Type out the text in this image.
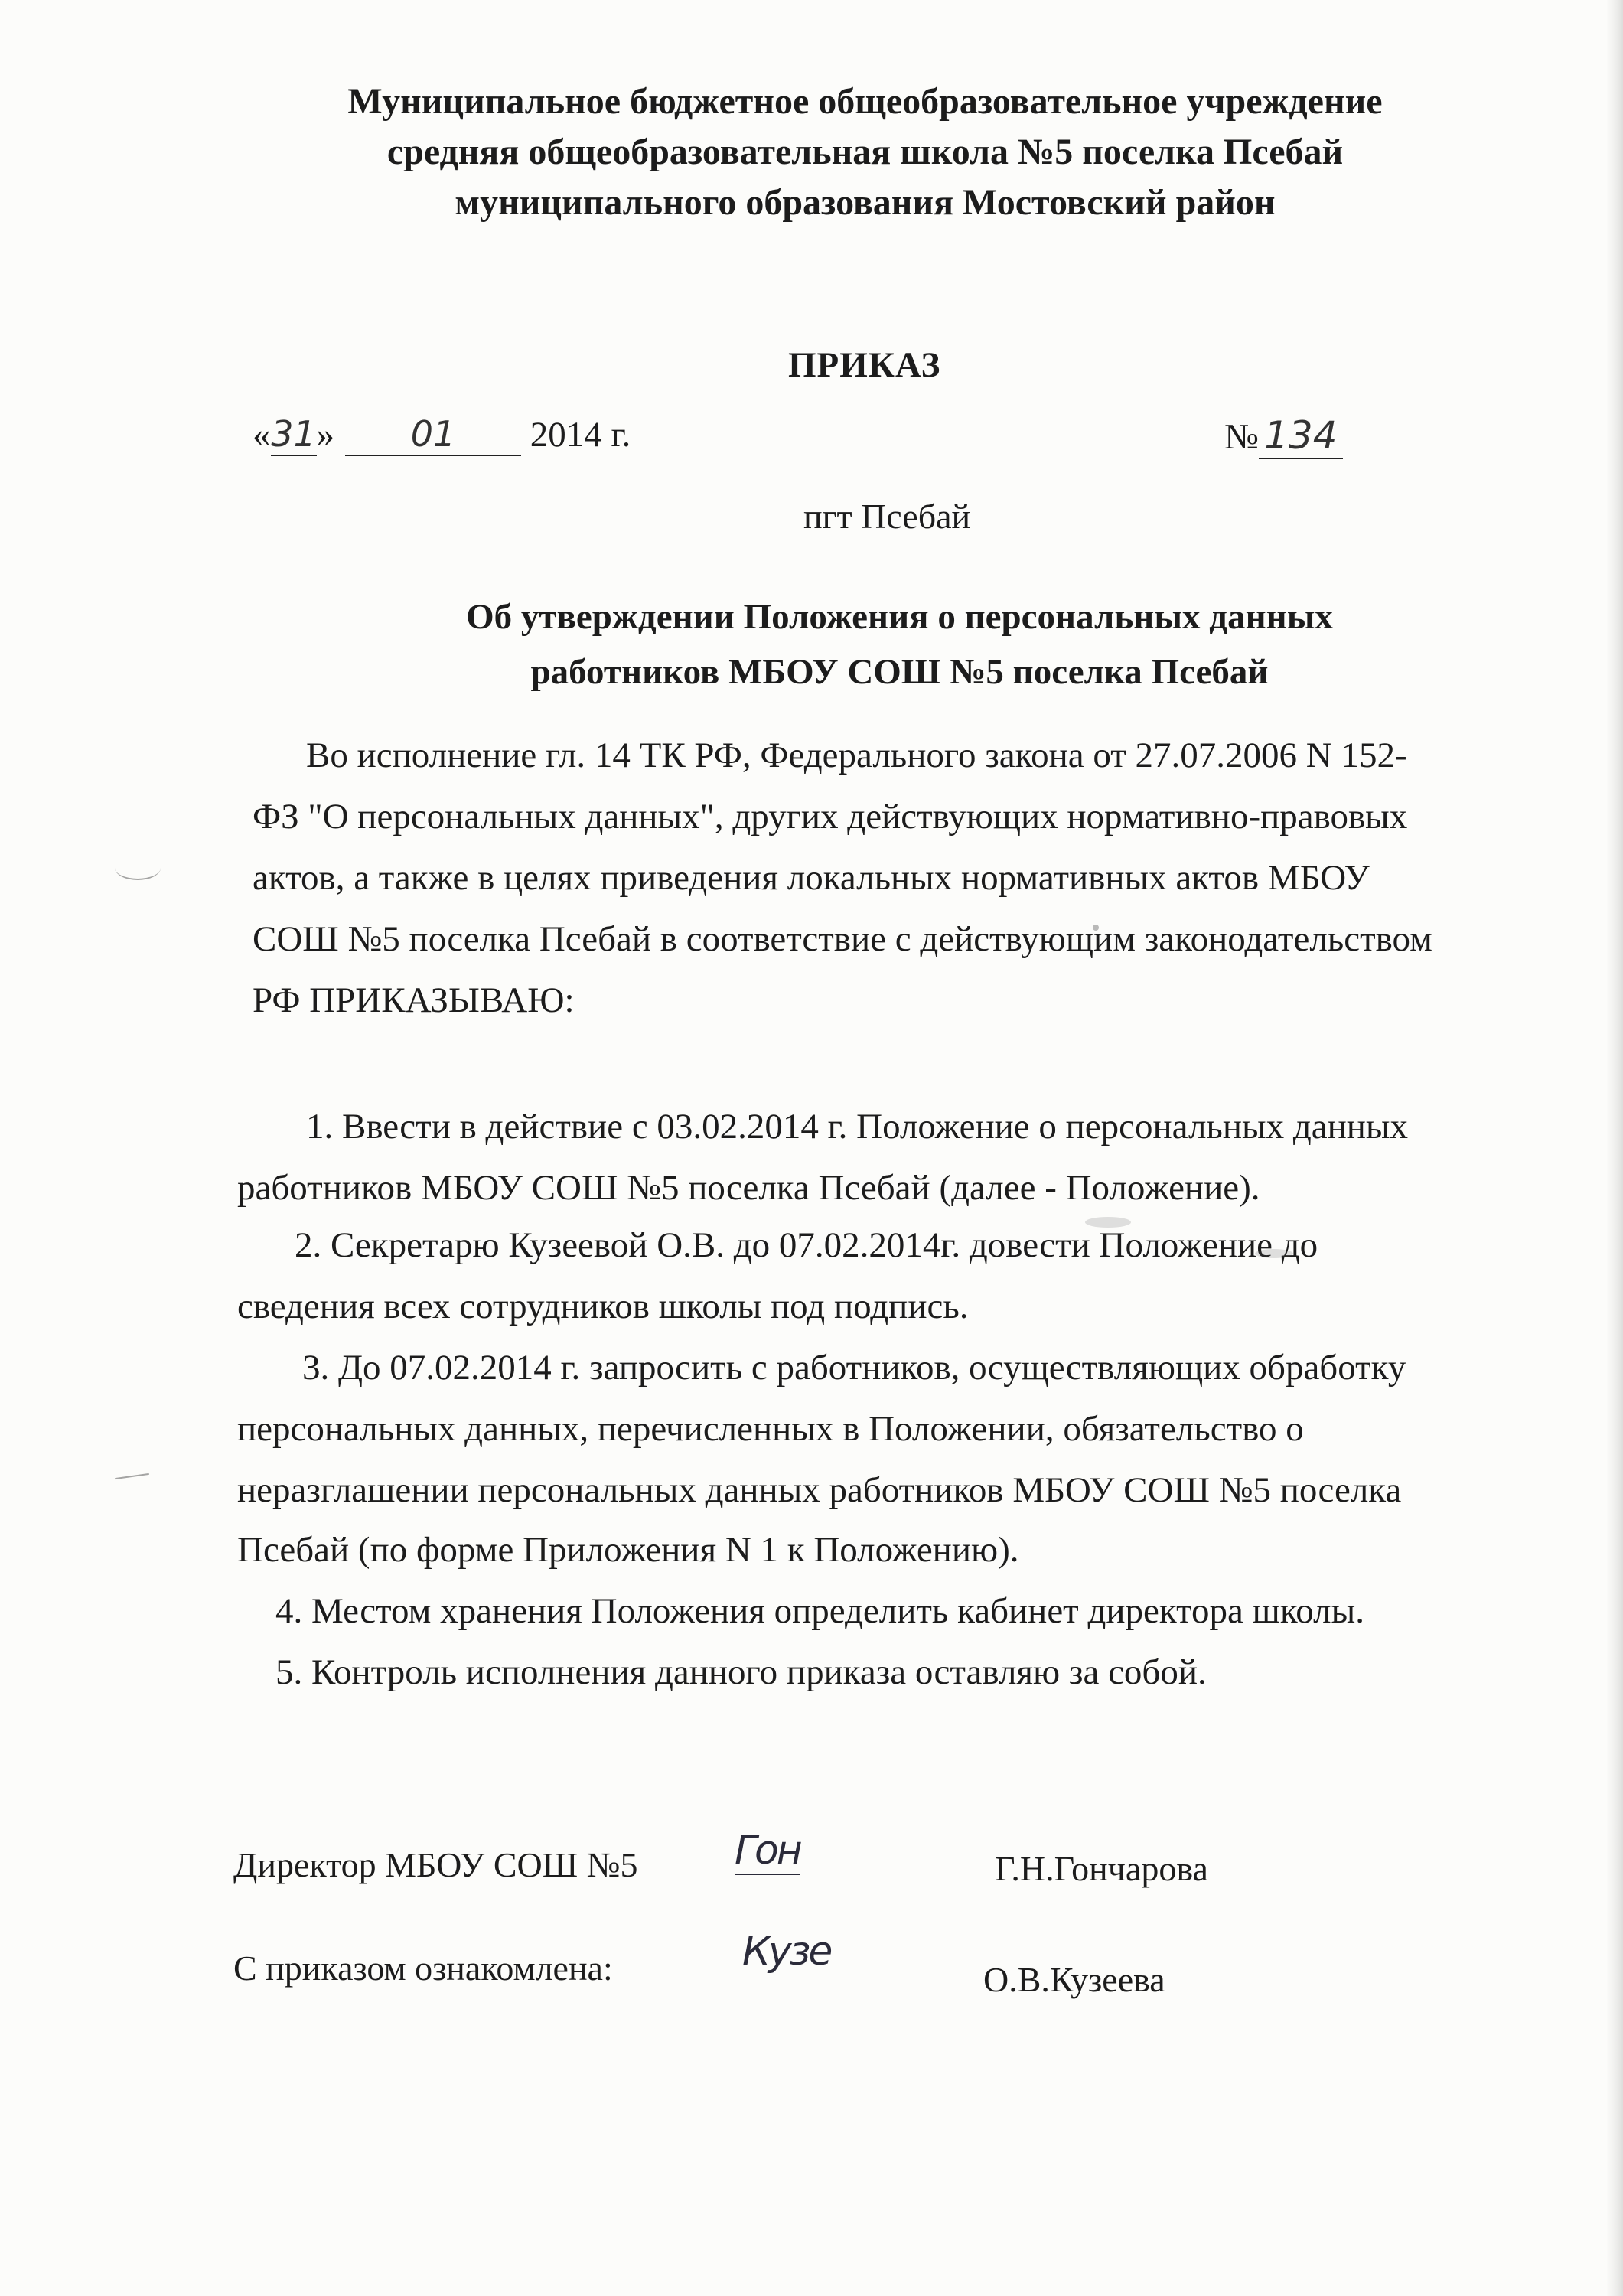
Муниципальное бюджетное общеобразовательное учреждение
средняя общеобразовательная школа №5 поселка Псебай
муниципального образования Мостовский район
ПРИКАЗ
«31» 01 2014 г.	№ 134
пгт Псебай
Об утверждении Положения о персональных данных
работников МБОУ СОШ №5 поселка Псебай
Во исполнение гл. 14 ТК РФ, Федерального закона от 27.07.2006 N 152-
ФЗ "О персональных данных", других действующих нормативно-правовых
актов, а также в целях приведения локальных нормативных актов МБОУ
СОШ №5 поселка Псебай в соответствие с действующим законодательством
РФ ПРИКАЗЫВАЮ:
1. Ввести в действие с 03.02.2014 г. Положение о персональных данных
работников МБОУ СОШ №5 поселка Псебай (далее - Положение).
2. Секретарю Кузеевой О.В. до 07.02.2014г. довести Положение до
сведения всех сотрудников школы под подпись.
3. До 07.02.2014 г. запросить с работников, осуществляющих обработку
персональных данных, перечисленных в Положении, обязательство о
неразглашении персональных данных работников МБОУ СОШ №5 поселка
Псебай (по форме Приложения N 1 к Положению).
4. Местом хранения Положения определить кабинет директора школы.
5. Контроль исполнения данного приказа оставляю за собой.
Директор МБОУ СОШ №5 Гон	Г.Н.Гончарова
С приказом ознакомлена:	Кузе
О.В.Кузеева
